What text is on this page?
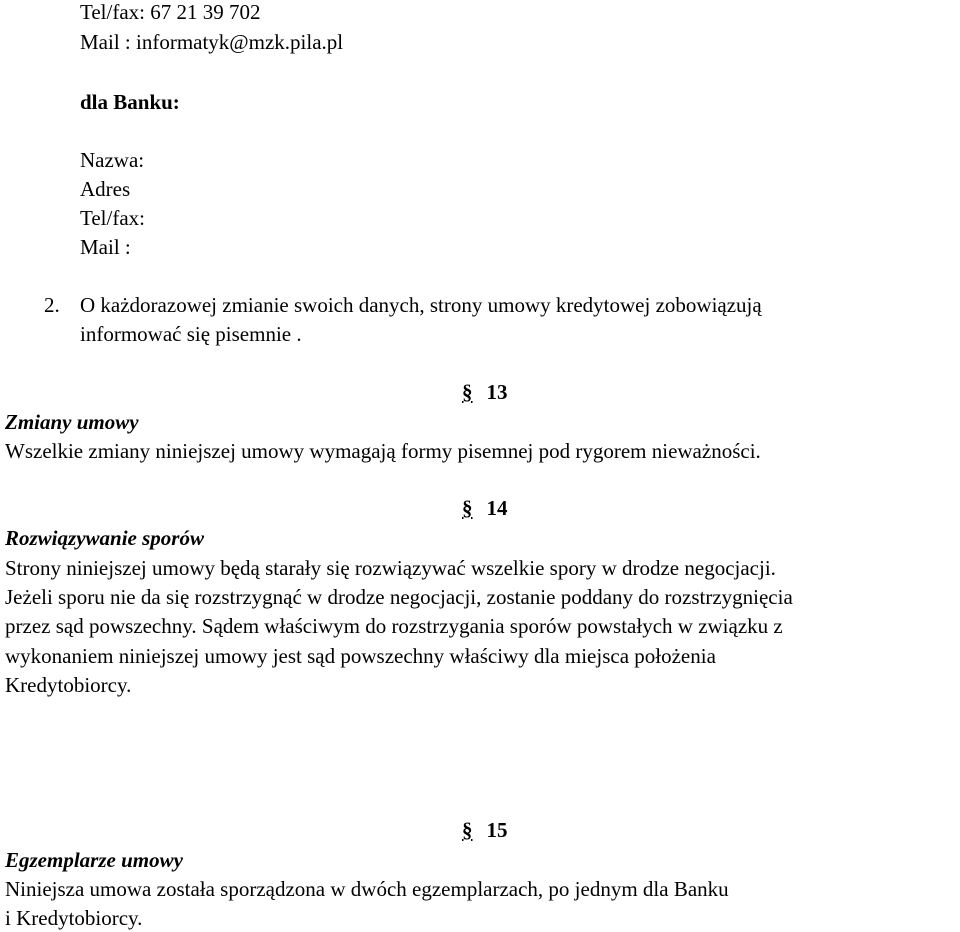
Tel/fax: 67 21 39 702
Mail : informatyk@mzk.pila.pl
dla Banku:
Nazwa:
Adres
Tel/fax:
Mail :
2. O każdorazowej zmianie swoich danych, strony umowy kredytowej zobowiązują
informować się pisemnie .
§ 13
Zmiany umowy
Wszelkie zmiany niniejszej umowy wymagają formy pisemnej pod rygorem nieważności.
§ 14
Rozwiązywanie sporów
Strony niniejszej umowy będą starały się rozwiązywać wszelkie spory w drodze negocjacji.
Jeżeli sporu nie da się rozstrzygnąć w drodze negocjacji, zostanie poddany do rozstrzygnięcia
przez sąd powszechny. Sądem właściwym do rozstrzygania sporów powstałych w związku z
wykonaniem niniejszej umowy jest sąd powszechny właściwy dla miejsca położenia
Kredytobiorcy.
§ 15
Egzemplarze umowy
Niniejsza umowa została sporządzona w dwóch egzemplarzach, po jednym dla Banku
i Kredytobiorcy.
